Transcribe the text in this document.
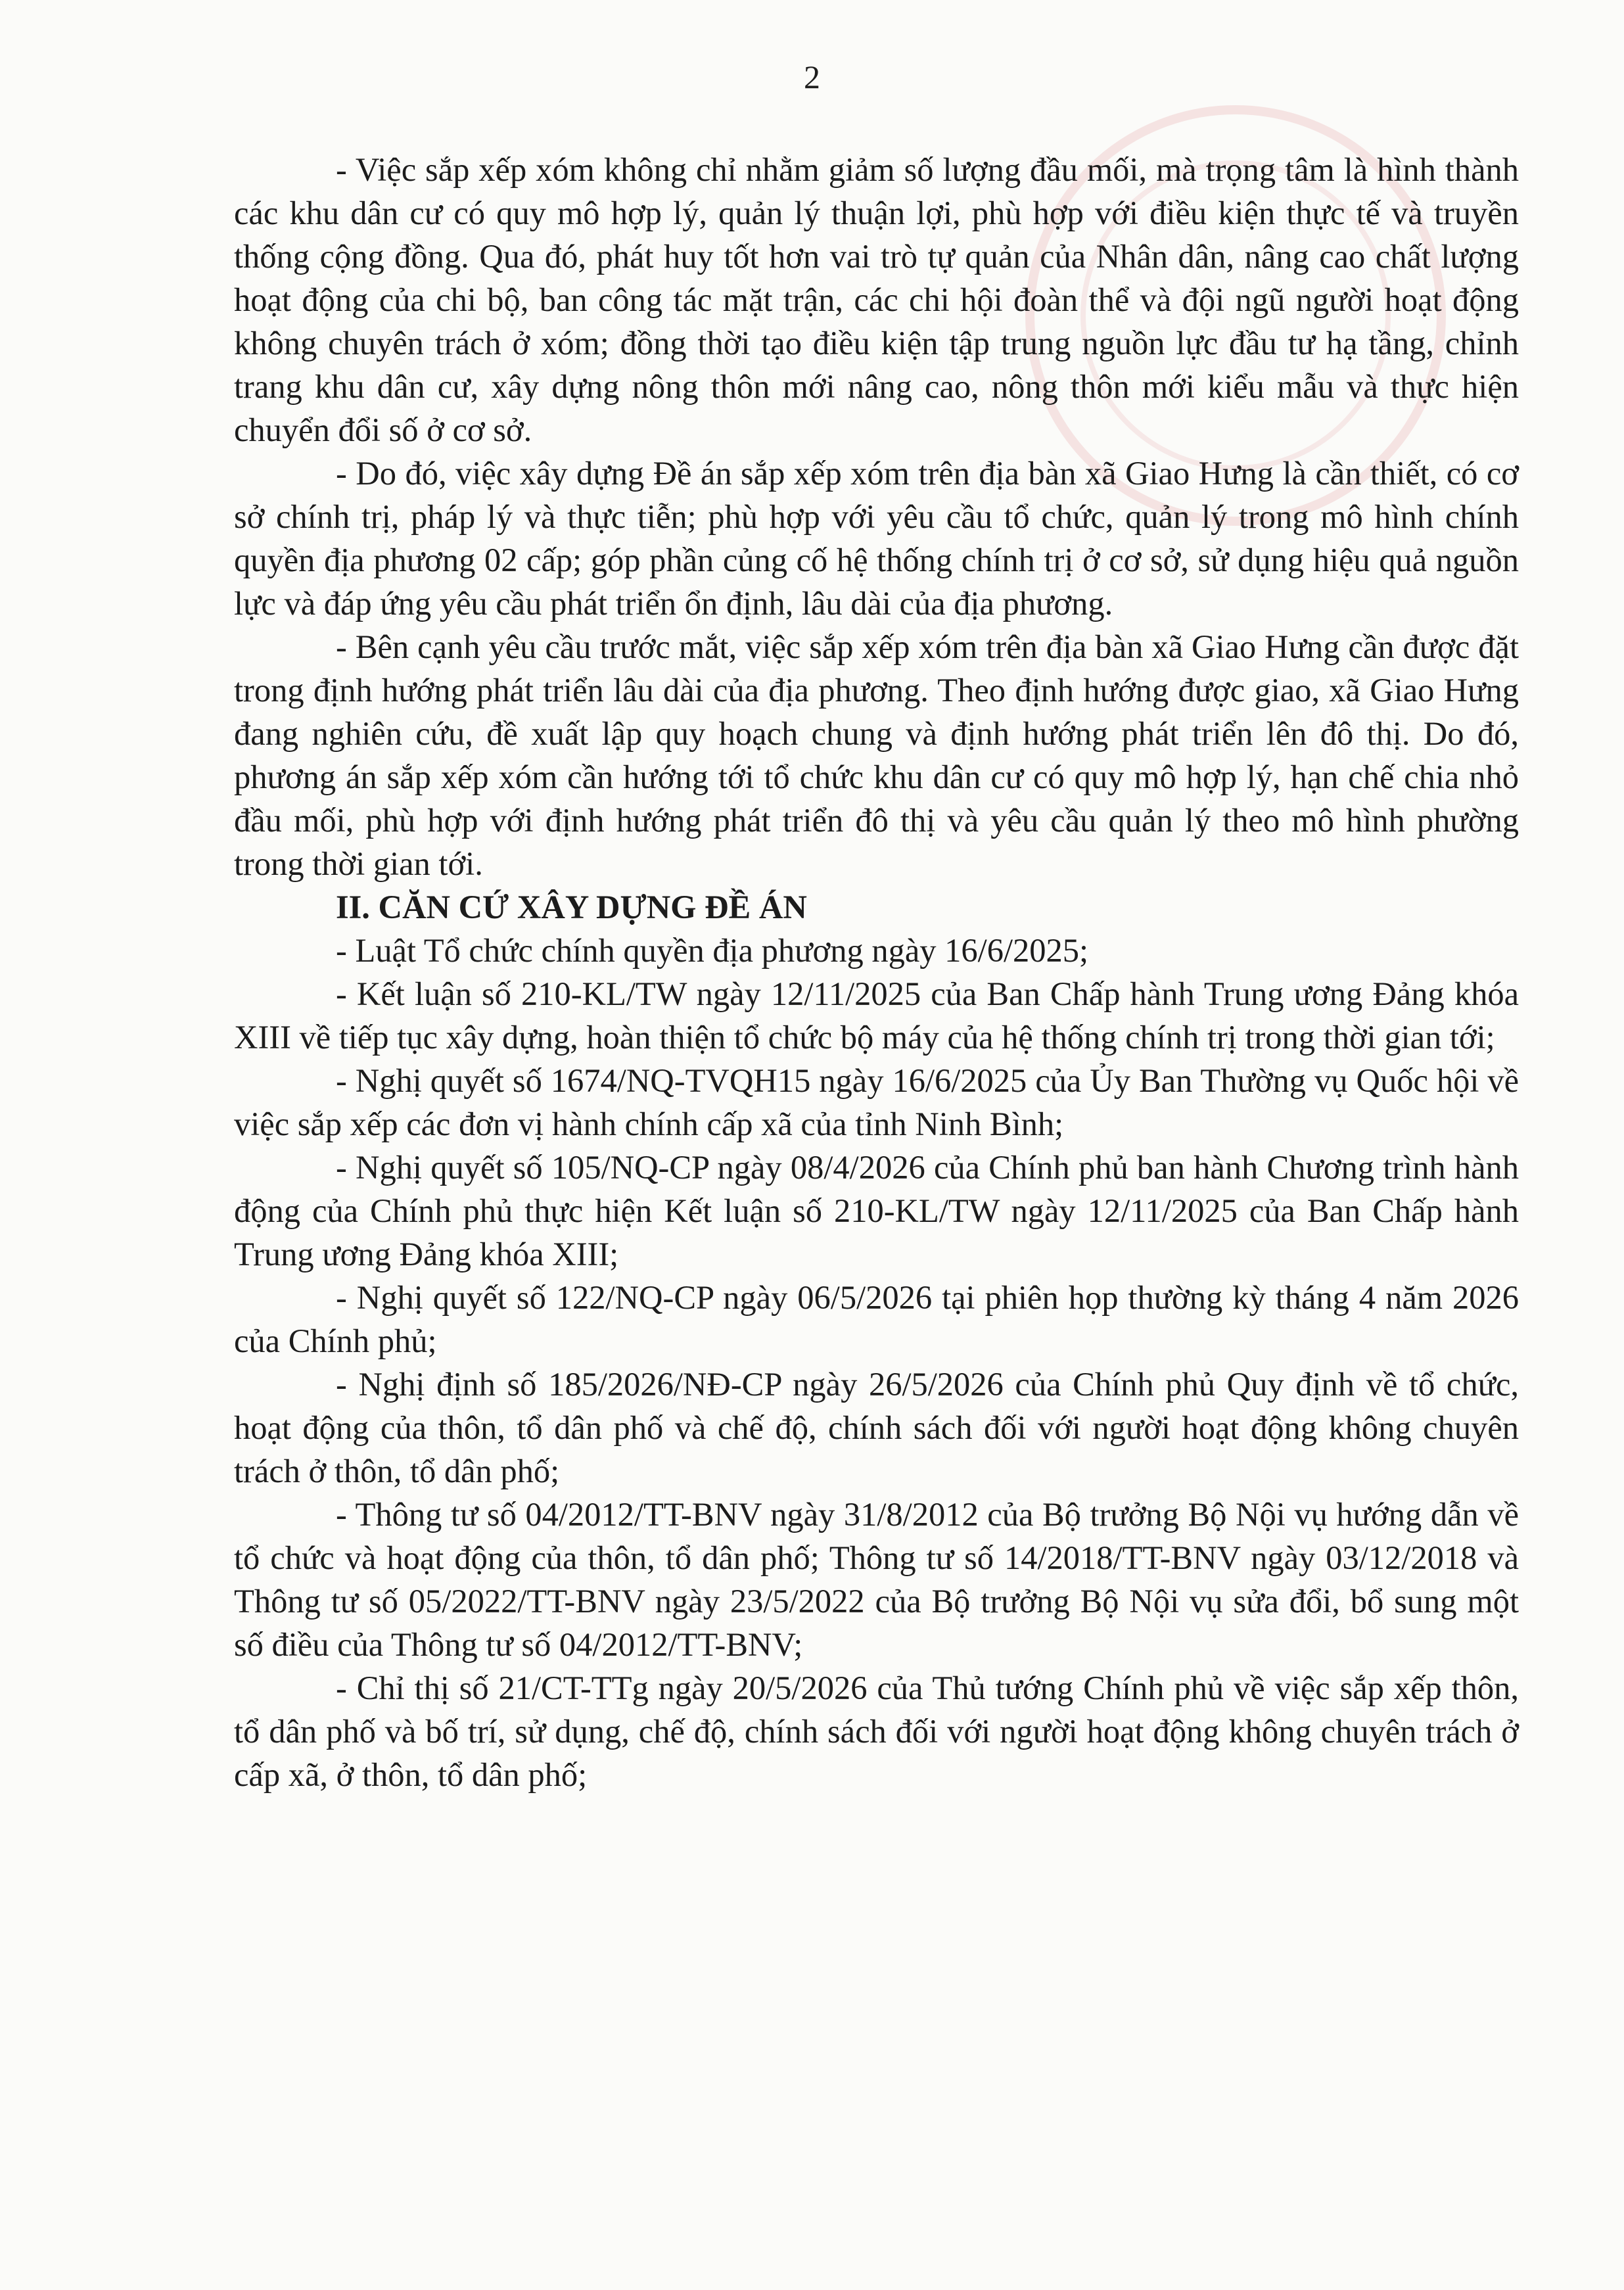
2

- Việc sắp xếp xóm không chỉ nhằm giảm số lượng đầu mối, mà trọng tâm là hình thành các khu dân cư có quy mô hợp lý, quản lý thuận lợi, phù hợp với điều kiện thực tế và truyền thống cộng đồng. Qua đó, phát huy tốt hơn vai trò tự quản của Nhân dân, nâng cao chất lượng hoạt động của chi bộ, ban công tác mặt trận, các chi hội đoàn thể và đội ngũ người hoạt động không chuyên trách ở xóm; đồng thời tạo điều kiện tập trung nguồn lực đầu tư hạ tầng, chỉnh trang khu dân cư, xây dựng nông thôn mới nâng cao, nông thôn mới kiểu mẫu và thực hiện chuyển đổi số ở cơ sở.

- Do đó, việc xây dựng Đề án sắp xếp xóm trên địa bàn xã Giao Hưng là cần thiết, có cơ sở chính trị, pháp lý và thực tiễn; phù hợp với yêu cầu tổ chức, quản lý trong mô hình chính quyền địa phương 02 cấp; góp phần củng cố hệ thống chính trị ở cơ sở, sử dụng hiệu quả nguồn lực và đáp ứng yêu cầu phát triển ổn định, lâu dài của địa phương.

- Bên cạnh yêu cầu trước mắt, việc sắp xếp xóm trên địa bàn xã Giao Hưng cần được đặt trong định hướng phát triển lâu dài của địa phương. Theo định hướng được giao, xã Giao Hưng đang nghiên cứu, đề xuất lập quy hoạch chung và định hướng phát triển lên đô thị. Do đó, phương án sắp xếp xóm cần hướng tới tổ chức khu dân cư có quy mô hợp lý, hạn chế chia nhỏ đầu mối, phù hợp với định hướng phát triển đô thị và yêu cầu quản lý theo mô hình phường trong thời gian tới.

II. CĂN CỨ XÂY DỰNG ĐỀ ÁN

- Luật Tổ chức chính quyền địa phương ngày 16/6/2025;

- Kết luận số 210-KL/TW ngày 12/11/2025 của Ban Chấp hành Trung ương Đảng khóa XIII về tiếp tục xây dựng, hoàn thiện tổ chức bộ máy của hệ thống chính trị trong thời gian tới;

- Nghị quyết số 1674/NQ-TVQH15 ngày 16/6/2025 của Ủy Ban Thường vụ Quốc hội về việc sắp xếp các đơn vị hành chính cấp xã của tỉnh Ninh Bình;

- Nghị quyết số 105/NQ-CP ngày 08/4/2026 của Chính phủ ban hành Chương trình hành động của Chính phủ thực hiện Kết luận số 210-KL/TW ngày 12/11/2025 của Ban Chấp hành Trung ương Đảng khóa XIII;

- Nghị quyết số 122/NQ-CP ngày 06/5/2026 tại phiên họp thường kỳ tháng 4 năm 2026 của Chính phủ;

- Nghị định số 185/2026/NĐ-CP ngày 26/5/2026 của Chính phủ Quy định về tổ chức, hoạt động của thôn, tổ dân phố và chế độ, chính sách đối với người hoạt động không chuyên trách ở thôn, tổ dân phố;

- Thông tư số 04/2012/TT-BNV ngày 31/8/2012 của Bộ trưởng Bộ Nội vụ hướng dẫn về tổ chức và hoạt động của thôn, tổ dân phố; Thông tư số 14/2018/TT-BNV ngày 03/12/2018 và Thông tư số 05/2022/TT-BNV ngày 23/5/2022 của Bộ trưởng Bộ Nội vụ sửa đổi, bổ sung một số điều của Thông tư số 04/2012/TT-BNV;

- Chỉ thị số 21/CT-TTg ngày 20/5/2026 của Thủ tướng Chính phủ về việc sắp xếp thôn, tổ dân phố và bố trí, sử dụng, chế độ, chính sách đối với người hoạt động không chuyên trách ở cấp xã, ở thôn, tổ dân phố;
